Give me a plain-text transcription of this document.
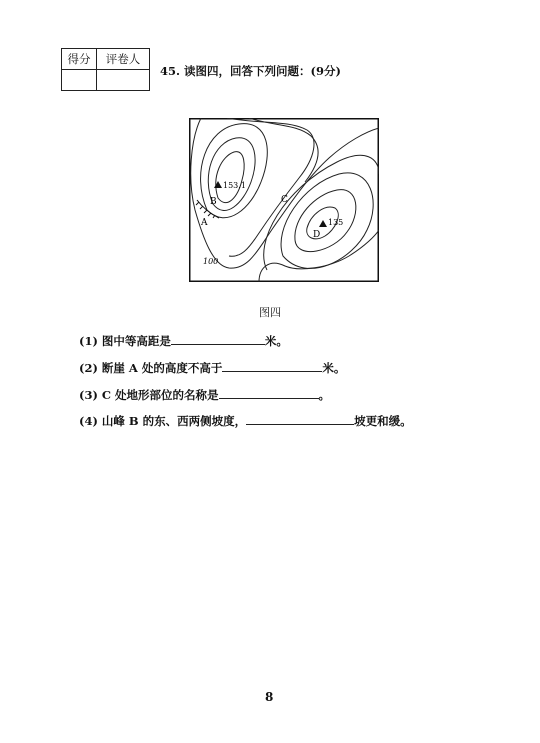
得分	评卷人

45. 读图四，回答下列问题：(9分)
153.1
B
A
C
135
D
100
图四
(1) 图中等高距是	米。
(2) 断崖 A 处的高度不高于	米。
(3) C 处地形部位的名称是	。
(4) 山峰 B 的东、西两侧坡度，	坡更和缓。
8
